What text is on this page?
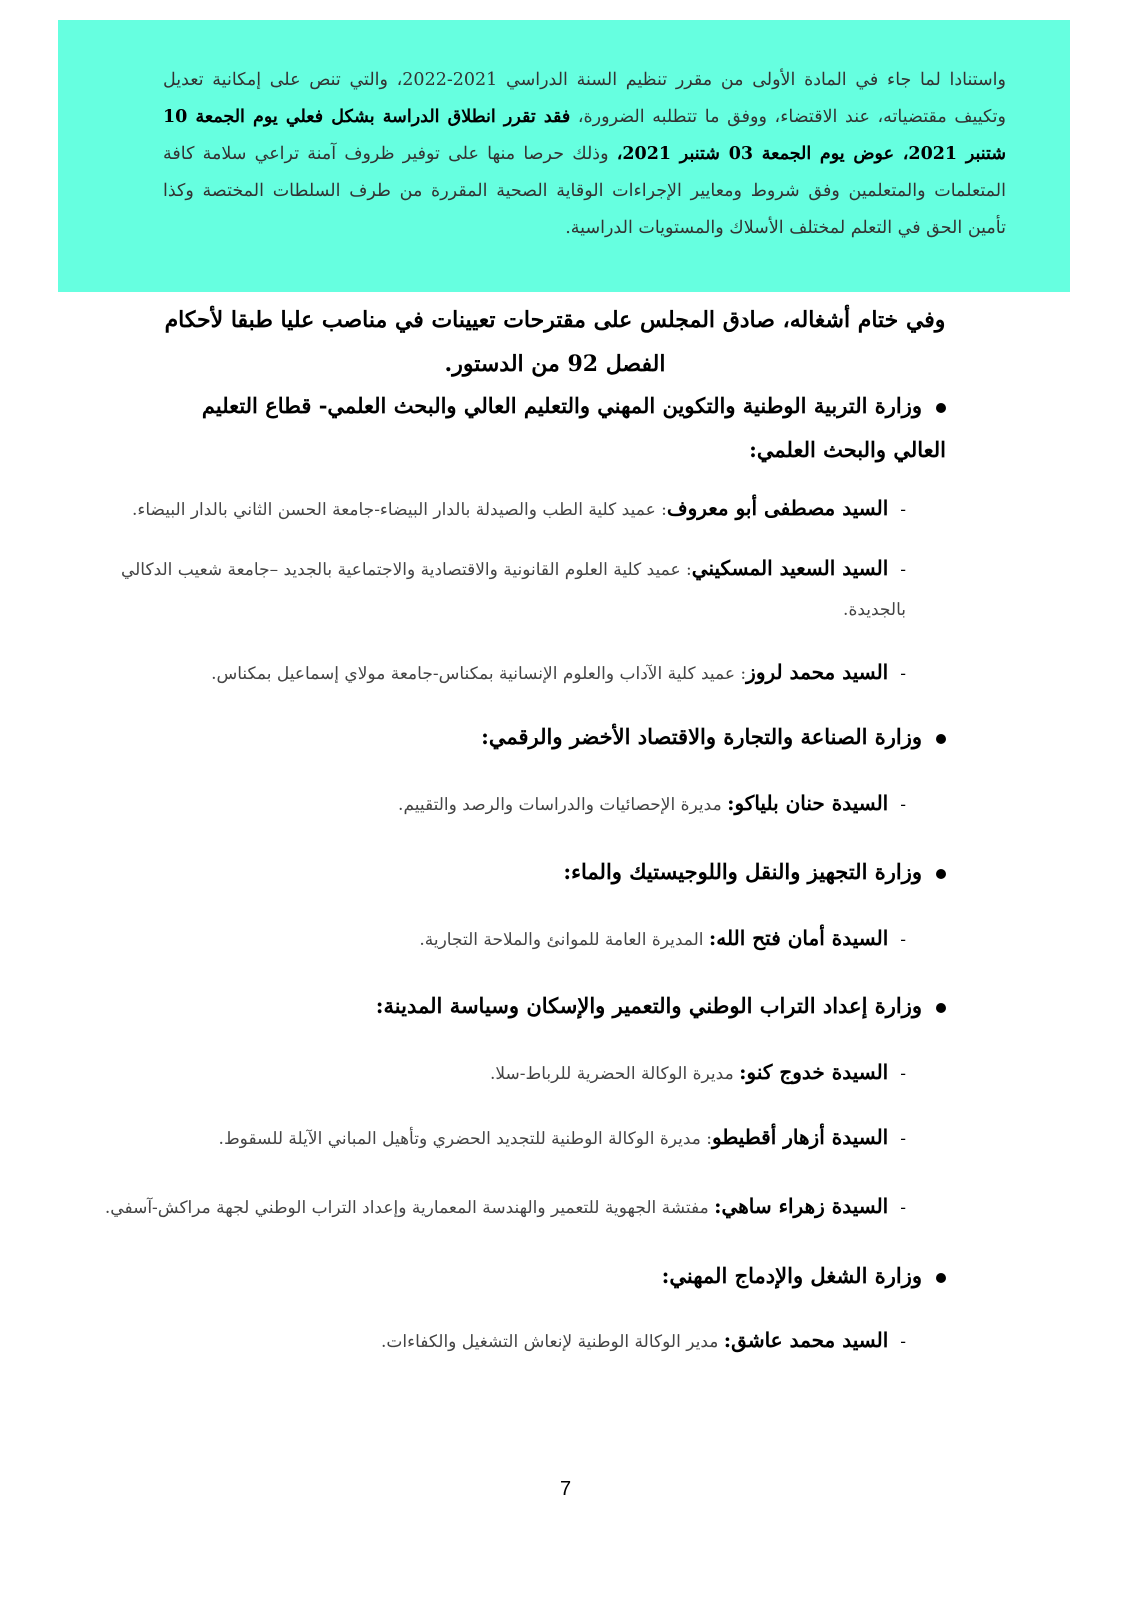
واستنادا لما جاء في المادة الأولى من مقرر تنظيم السنة الدراسي 2021-2022، والتي تنص على إمكانية تعديل وتكييف مقتضياته، عند الاقتضاء، ووفق ما تتطلبه الضرورة، فقد تقرر انطلاق الدراسة بشكل فعلي يوم الجمعة 10 شتنبر 2021، عوض يوم الجمعة 03 شتنبر 2021، وذلك حرصا منها على توفير ظروف آمنة تراعي سلامة كافة المتعلمات والمتعلمين وفق شروط ومعايير الإجراءات الوقاية الصحية المقررة من طرف السلطات المختصة وكذا تأمين الحق في التعلم لمختلف الأسلاك والمستويات الدراسية.
وفي ختام أشغاله، صادق المجلس على مقترحات تعيينات في مناصب عليا طبقا لأحكام الفصل 92 من الدستور.
وزارة التربية الوطنية والتكوين المهني والتعليم العالي والبحث العلمي- قطاع التعليم العالي والبحث العلمي:
-السيد مصطفى أبو معروف: عميد كلية الطب والصيدلة بالدار البيضاء-جامعة الحسن الثاني بالدار البيضاء.
-السيد السعيد المسكيني: عميد كلية العلوم القانونية والاقتصادية والاجتماعية بالجديد –جامعة شعيب الدكالي بالجديدة.
-السيد محمد لروز: عميد كلية الآداب والعلوم الإنسانية بمكناس-جامعة مولاي إسماعيل بمكناس.
وزارة الصناعة والتجارة والاقتصاد الأخضر والرقمي:
-السيدة حنان بلياكو: مديرة الإحصائيات والدراسات والرصد والتقييم.
وزارة التجهيز والنقل واللوجيستيك والماء:
-السيدة أمان فتح الله: المديرة العامة للموانئ والملاحة التجارية.
وزارة إعداد التراب الوطني والتعمير والإسكان وسياسة المدينة:
-السيدة خدوج كنو: مديرة الوكالة الحضرية للرباط-سلا.
-السيدة أزهار أقطيطو: مديرة الوكالة الوطنية للتجديد الحضري وتأهيل المباني الآيلة للسقوط.
-السيدة زهراء ساهي: مفتشة الجهوية للتعمير والهندسة المعمارية وإعداد التراب الوطني لجهة مراكش-آسفي.
وزارة الشغل والإدماج المهني:
-السيد محمد عاشق: مدير الوكالة الوطنية لإنعاش التشغيل والكفاءات.
7
